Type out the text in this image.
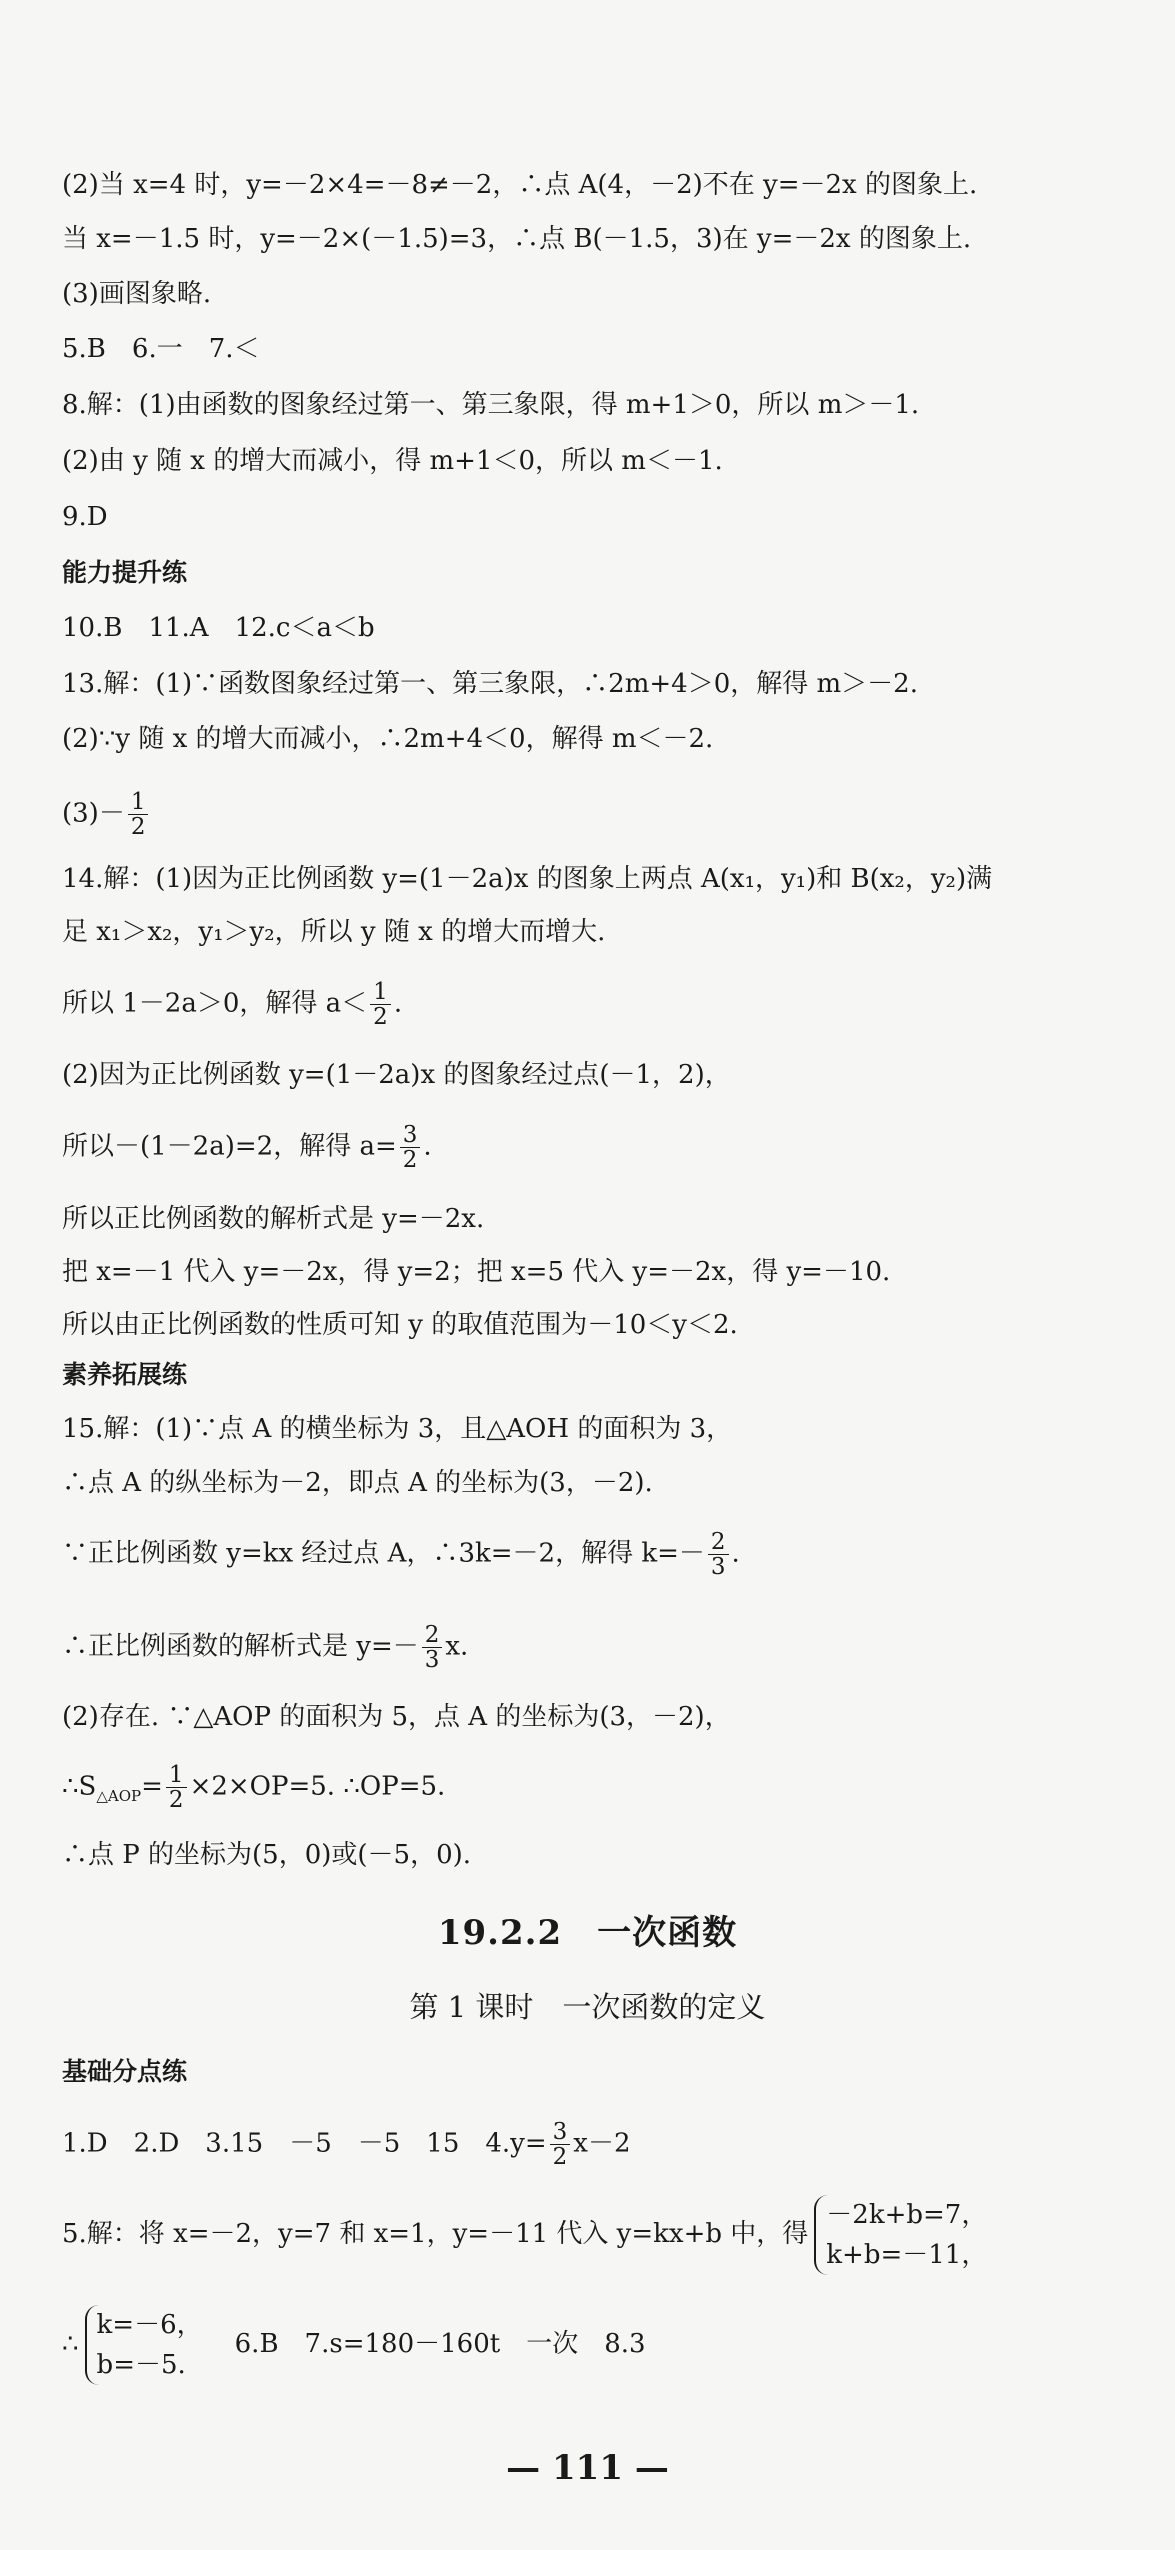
(2)当 x=4 时，y=－2×4=－8≠－2，∴点 A(4，－2)不在 y=－2x 的图象上.
当 x=－1.5 时，y=－2×(－1.5)=3，∴点 B(－1.5，3)在 y=－2x 的图象上.
(3)画图象略.
5.B　6.一　7.＜
8.解：(1)由函数的图象经过第一、第三象限，得 m+1＞0，所以 m＞－1.
(2)由 y 随 x 的增大而减小，得 m+1＜0，所以 m＜－1.
9.D
能力提升练
10.B　11.A　12.c＜a＜b
13.解：(1)∵函数图象经过第一、第三象限，∴2m+4＞0，解得 m＞－2.
(2)∵y 随 x 的增大而减小，∴2m+4＜0，解得 m＜－2.
$(3)- \frac{1}{2}$
14.解：(1)因为正比例函数 y=(1－2a)x 的图象上两点 A(x₁，y₁)和 B(x₂，y₂)满
足 x₁＞x₂，y₁＞y₂，所以 y 随 x 的增大而增大.
所以 1－2a＞0，解得 $a< \frac{1}{2}$ .
(2)因为正比例函数 y=(1－2a)x 的图象经过点(－1，2)，
所以－(1－2a)=2，解得 $a= \frac{3}{2}$ .
所以正比例函数的解析式是 y=－2x.
把 x=－1 代入 y=－2x，得 y=2；把 x=5 代入 y=－2x，得 y=－10.
所以由正比例函数的性质可知 y 的取值范围为－10＜y＜2.
素养拓展练
15.解：(1)∵点 A 的横坐标为 3，且△AOH 的面积为 3，
∴点 A 的纵坐标为－2，即点 A 的坐标为(3，－2).
∵正比例函数 y=kx 经过点 A，∴3k=－2，解得 $k=- \frac{2}{3}$ .
∴正比例函数的解析式是 $y=- \frac{2}{3} x$.
(2)存在. ∵△AOP 的面积为 5，点 A 的坐标为(3，－2)，
$\therefore S_{\triangle AOP}= \frac{1}{2} \times 2\times OP=5$. ∴OP=5.
∴点 P 的坐标为(5，0)或(－5，0).
19.2.2　一次函数
第 1 课时　一次函数的定义
基础分点练
1.D　2.D　3.15　－5　－5　15　$4.y= \frac{3}{2} x-2$
5.解：将 x=－2，y=7 和 x=1，y=－11 代入 y=kx+b 中，得
－2k+b=7，
k+b=－11，
∴
k=－6，
b=－5.
　6.B　7.s=180－160t　一次　8.3
— 111 —
